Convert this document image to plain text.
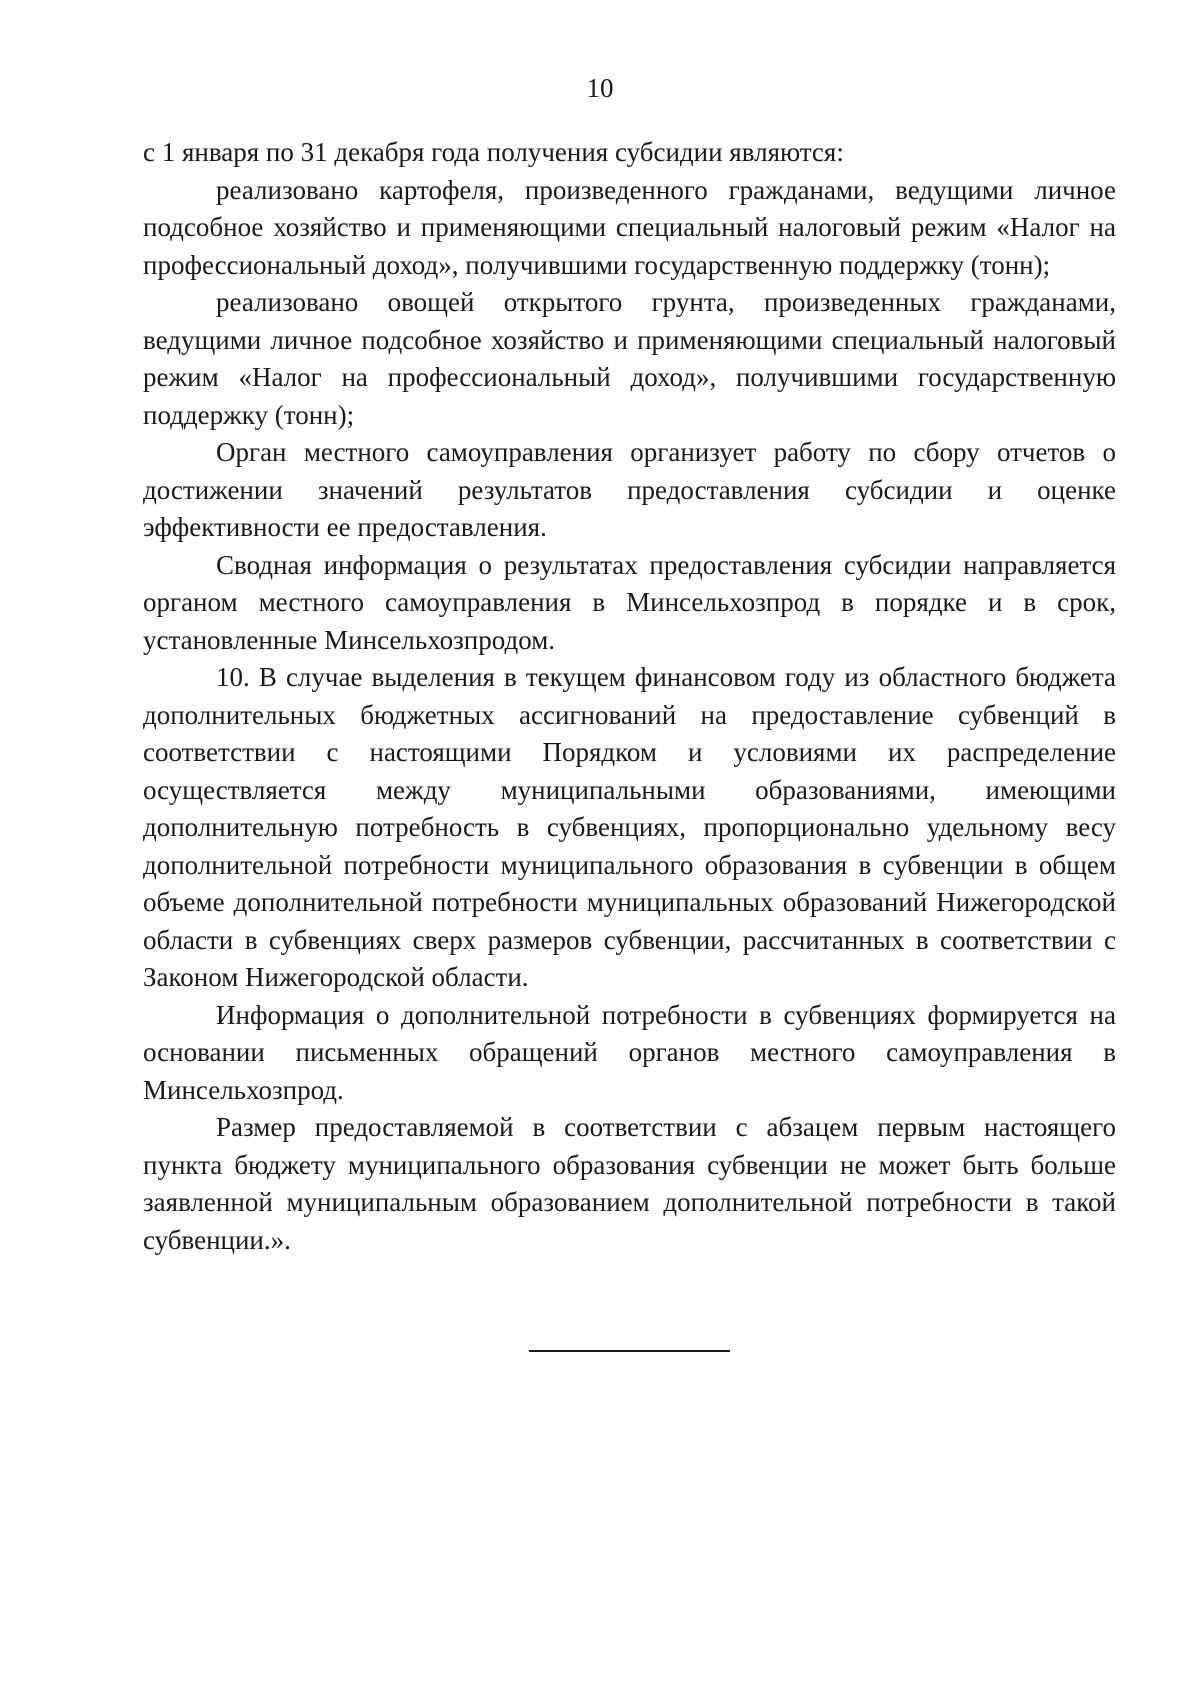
10

с 1 января по 31 декабря года получения субсидии являются:

реализовано картофеля, произведенного гражданами, ведущими личное подсобное хозяйство и применяющими специальный налоговый режим «Налог на профессиональный доход», получившими государственную поддержку (тонн);

реализовано овощей открытого грунта, произведенных гражданами, ведущими личное подсобное хозяйство и применяющими специальный налоговый режим «Налог на профессиональный доход», получившими государственную поддержку (тонн);

Орган местного самоуправления организует работу по сбору отчетов о достижении значений результатов предоставления субсидии и оценке эффективности ее предоставления.

Сводная информация о результатах предоставления субсидии направляется органом местного самоуправления в Минсельхозпрод в порядке и в срок, установленные Минсельхозпродом.

10. В случае выделения в текущем финансовом году из областного бюджета дополнительных бюджетных ассигнований на предоставление субвенций в соответствии с настоящими Порядком и условиями их распределение осуществляется между муниципальными образованиями, имеющими дополнительную потребность в субвенциях, пропорционально удельному весу дополнительной потребности муниципального образования в субвенции в общем объеме дополнительной потребности муниципальных образований Нижегородской области в субвенциях сверх размеров субвенции, рассчитанных в соответствии с Законом Нижегородской области.

Информация о дополнительной потребности в субвенциях формируется на основании письменных обращений органов местного самоуправления в Минсельхозпрод.

Размер предоставляемой в соответствии с абзацем первым настоящего пункта бюджету муниципального образования субвенции не может быть больше заявленной муниципальным образованием дополнительной потребности в такой субвенции.».
